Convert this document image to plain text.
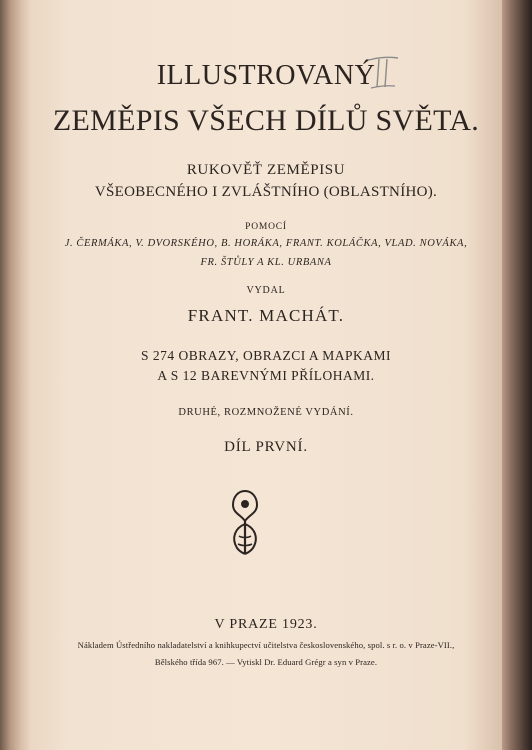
ILLUSTROVANÝ
ZEMĚPIS VŠECH DÍLŮ SVĚTA.
RUKOVĚŤ ZEMĚPISU
VŠEOBECNÉHO I ZVLÁŠTNÍHO (OBLASTNÍHO).
POMOCÍ
J. ČERMÁKA, V. DVORSKÉHO, B. HORÁKA, FRANT. KOLÁČKA, VLAD. NOVÁKA,
FR. ŠTŮLY A KL. URBANA
VYDAL
FRANT. MACHÁT.
S 274 OBRAZY, OBRAZCI A MAPKAMI
A S 12 BAREVNÝMI PŘÍLOHAMI.
DRUHÉ, ROZMNOŽENÉ VYDÁNÍ.
DÍL PRVNÍ.
V PRAZE 1923.
Nákladem Ústředního nakladatelství a knihkupectví učitelstva československého, spol. s r. o. v Praze-VII.,
Bělského třída 967. — Vytiskl Dr. Eduard Grégr a syn v Praze.
